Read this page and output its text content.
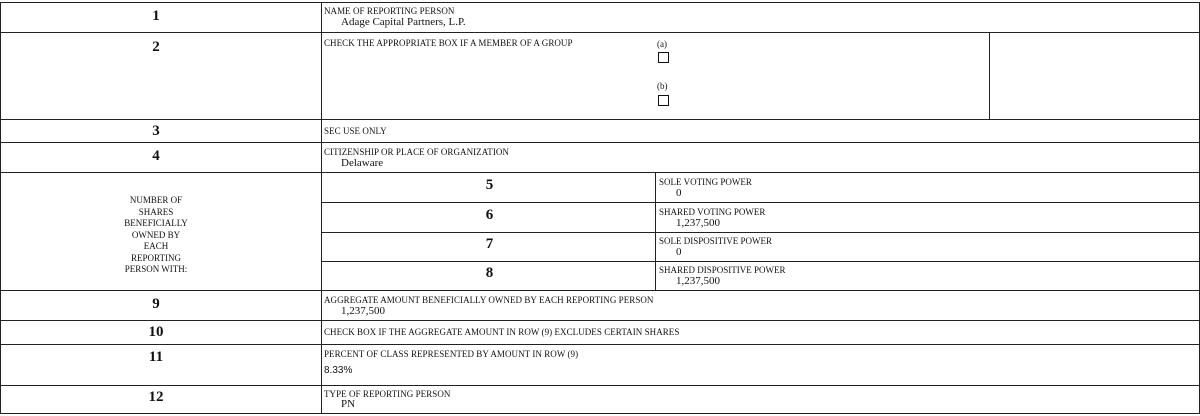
1	NAME OF REPORTING PERSON
Adage Capital Partners, L.P.
2	CHECK THE APPROPRIATE BOX IF A MEMBER OF A GROUP	(a)
(b)
3	SEC USE ONLY
4	CITIZENSHIP OR PLACE OF ORGANIZATION
Delaware
NUMBER OF
SHARES
BENEFICIALLY
OWNED BY
EACH
REPORTING
PERSON WITH:
5	SOLE VOTING POWER
0
6	SHARED VOTING POWER
1,237,500
7	SOLE DISPOSITIVE POWER
0
8	SHARED DISPOSITIVE POWER
1,237,500
9	AGGREGATE AMOUNT BENEFICIALLY OWNED BY EACH REPORTING PERSON
1,237,500
10	CHECK BOX IF THE AGGREGATE AMOUNT IN ROW (9) EXCLUDES CERTAIN SHARES
11	PERCENT OF CLASS REPRESENTED BY AMOUNT IN ROW (9)
8.33%
12	TYPE OF REPORTING PERSON
PN
